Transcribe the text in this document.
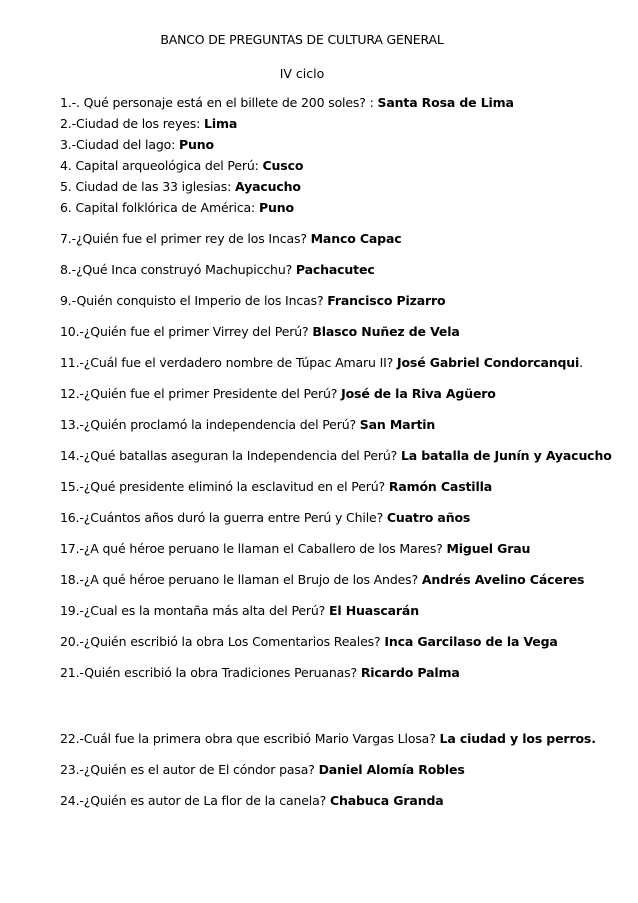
BANCO DE PREGUNTAS DE CULTURA GENERAL
IV ciclo
1.-. Qué personaje está en el billete de 200 soles? : Santa Rosa de Lima
2.-Ciudad de los reyes: Lima
3.-Ciudad del lago: Puno
4. Capital arqueológica del Perú: Cusco
5. Ciudad de las 33 iglesias: Ayacucho
6. Capital folklórica de América: Puno
7.-¿Quién fue el primer rey de los Incas? Manco Capac
8.-¿Qué Inca construyó Machupicchu? Pachacutec
9.-Quién conquisto el Imperio de los Incas? Francisco Pizarro
10.-¿Quién fue el primer Virrey del Perú? Blasco Nuñez de Vela
11.-¿Cuál fue el verdadero nombre de Túpac Amaru II? José Gabriel Condorcanqui.
12.-¿Quién fue el primer Presidente del Perú? José de la Riva Agüero
13.-¿Quién proclamó la independencia del Perú? San Martin
14.-¿Qué batallas aseguran la Independencia del Perú? La batalla de Junín y Ayacucho
15.-¿Qué presidente eliminó la esclavitud en el Perú? Ramón Castilla
16.-¿Cuántos años duró la guerra entre Perú y Chile? Cuatro años
17.-¿A qué héroe peruano le llaman el Caballero de los Mares? Miguel Grau
18.-¿A qué héroe peruano le llaman el Brujo de los Andes? Andrés Avelino Cáceres
19.-¿Cual es la montaña más alta del Perú? El Huascarán
20.-¿Quién escribió la obra Los Comentarios Reales? Inca Garcilaso de la Vega
21.-Quién escribió la obra Tradiciones Peruanas? Ricardo Palma
22.-Cuál fue la primera obra que escribió Mario Vargas Llosa? La ciudad y los perros.
23.-¿Quién es el autor de El cóndor pasa? Daniel Alomía Robles
24.-¿Quién es autor de La flor de la canela? Chabuca Granda
